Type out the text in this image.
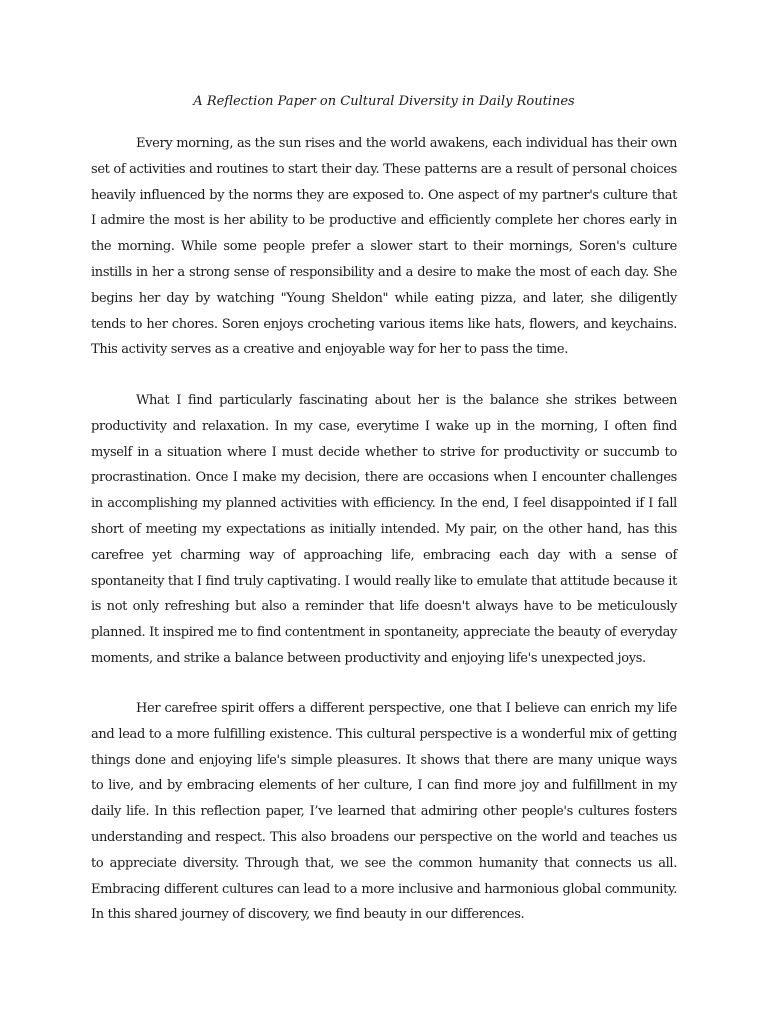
A Reflection Paper on Cultural Diversity in Daily Routines

Every morning, as the sun rises and the world awakens, each individual has their own set of activities and routines to start their day. These patterns are a result of personal choices heavily influenced by the norms they are exposed to. One aspect of my partner's culture that I admire the most is her ability to be productive and efficiently complete her chores early in the morning. While some people prefer a slower start to their mornings, Soren's culture instills in her a strong sense of responsibility and a desire to make the most of each day. She begins her day by watching "Young Sheldon" while eating pizza, and later, she diligently tends to her chores. Soren enjoys crocheting various items like hats, flowers, and keychains. This activity serves as a creative and enjoyable way for her to pass the time.

What I find particularly fascinating about her is the balance she strikes between productivity and relaxation. In my case, everytime I wake up in the morning, I often find myself in a situation where I must decide whether to strive for productivity or succumb to procrastination. Once I make my decision, there are occasions when I encounter challenges in accomplishing my planned activities with efficiency. In the end, I feel disappointed if I fall short of meeting my expectations as initially intended. My pair, on the other hand, has this carefree yet charming way of approaching life, embracing each day with a sense of spontaneity that I find truly captivating. I would really like to emulate that attitude because it is not only refreshing but also a reminder that life doesn't always have to be meticulously planned. It inspired me to find contentment in spontaneity, appreciate the beauty of everyday moments, and strike a balance between productivity and enjoying life's unexpected joys.

Her carefree spirit offers a different perspective, one that I believe can enrich my life and lead to a more fulfilling existence. This cultural perspective is a wonderful mix of getting things done and enjoying life's simple pleasures. It shows that there are many unique ways to live, and by embracing elements of her culture, I can find more joy and fulfillment in my daily life. In this reflection paper, I’ve learned that admiring other people's cultures fosters understanding and respect. This also broadens our perspective on the world and teaches us to appreciate diversity. Through that, we see the common humanity that connects us all. Embracing different cultures can lead to a more inclusive and harmonious global community. In this shared journey of discovery, we find beauty in our differences.
